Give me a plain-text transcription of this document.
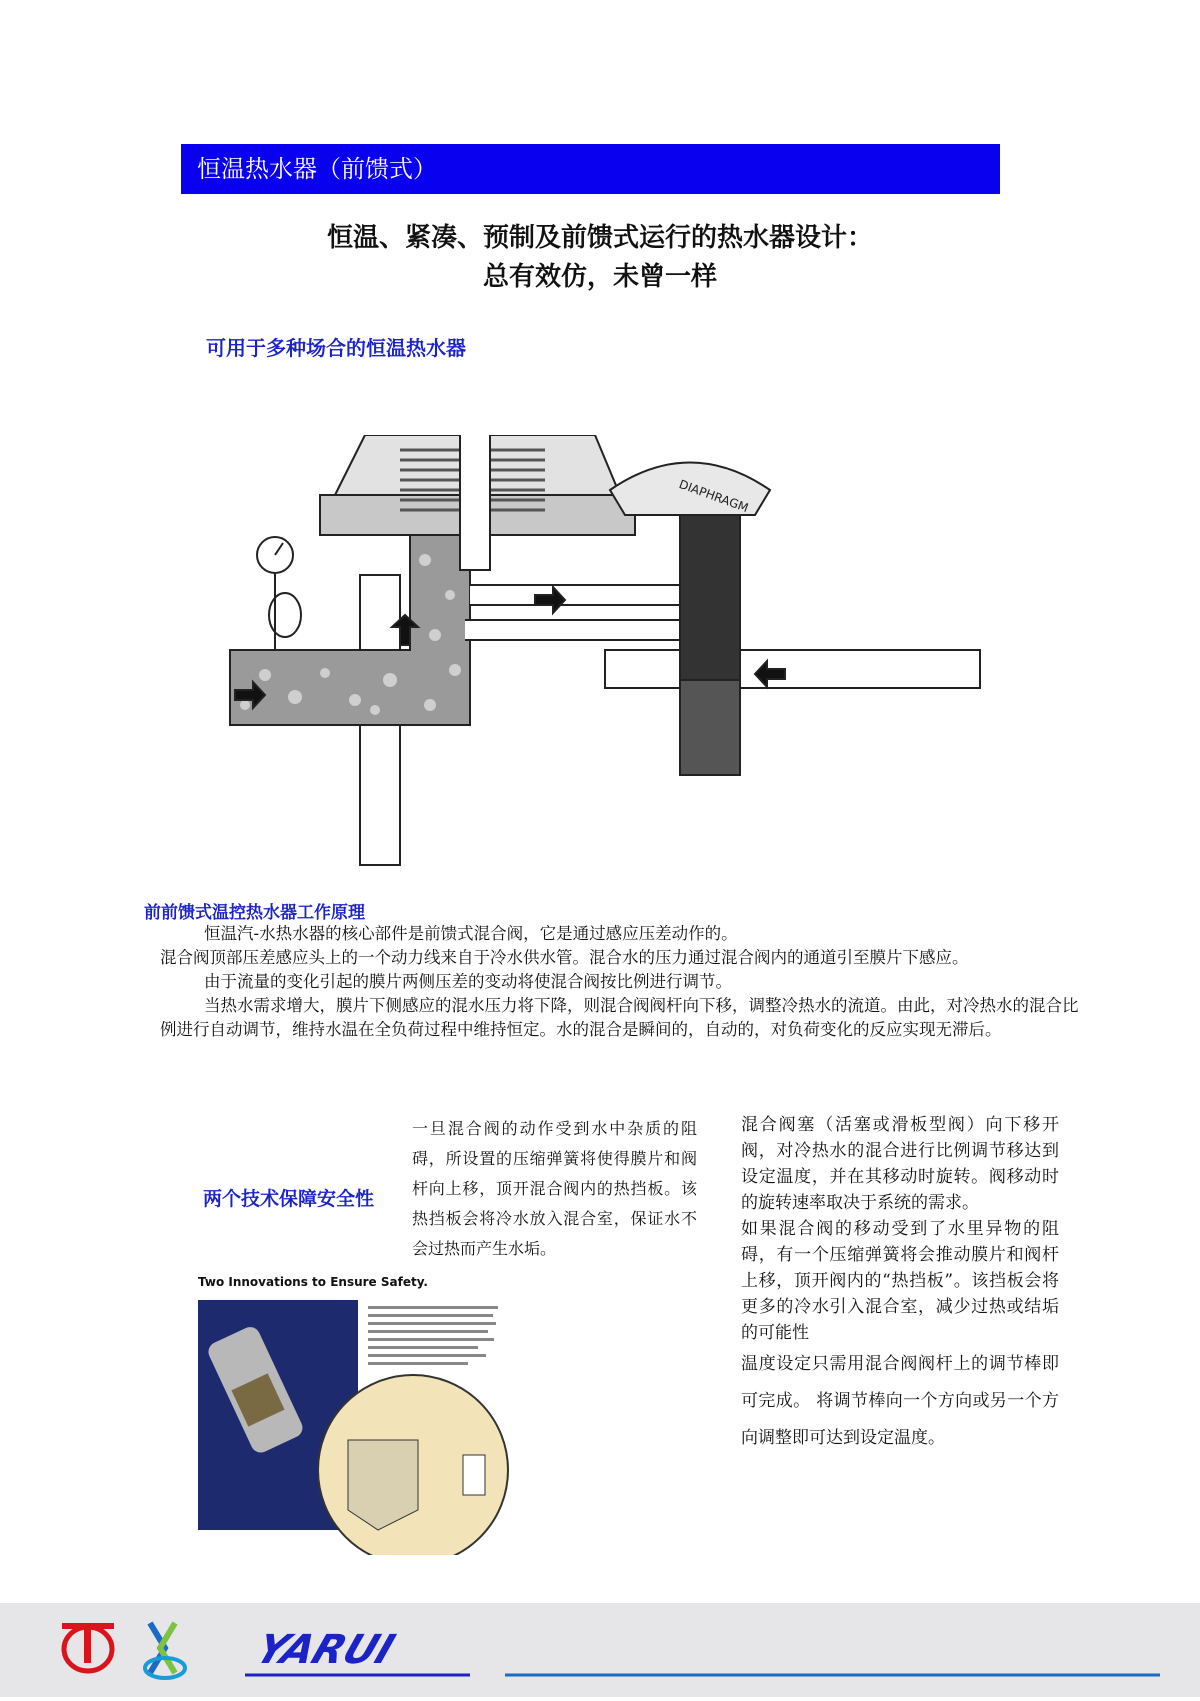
恒温热水器（前馈式）
恒温、紧凑、预制及前馈式运行的热水器设计：
总有效仿，未曾一样
可用于多种场合的恒温热水器
DIAPHRAGM
前前馈式温控热水器工作原理

恒温汽-水热水器的核心部件是前馈式混合阀，它是通过感应压差动作的。

混合阀顶部压差感应头上的一个动力线来自于冷水供水管。混合水的压力通过混合阀内的通道引至膜片下感应。

由于流量的变化引起的膜片两侧压差的变动将使混合阀按比例进行调节。

当热水需求增大，膜片下侧感应的混水压力将下降，则混合阀阀杆向下移，调整冷热水的流道。由此，对冷热水的混合比例进行自动调节，维持水温在全负荷过程中维持恒定。水的混合是瞬间的，自动的，对负荷变化的反应实现无滞后。

两个技术保障安全性
一旦混合阀的动作受到水中杂质的阻碍，所设置的压缩弹簧将使得膜片和阀杆向上移，顶开混合阀内的热挡板。该热挡板会将冷水放入混合室，保证水不会过热而产生水垢。

混合阀塞（活塞或滑板型阀）向下移开阀，对冷热水的混合进行比例调节移达到设定温度，并在其移动时旋转。阀移动时的旋转速率取决于系统的需求。

如果混合阀的移动受到了水里异物的阻碍，有一个压缩弹簧将会推动膜片和阀杆上移，顶开阀内的“热挡板”。该挡板会将更多的冷水引入混合室，减少过热或结垢的可能性

温度设定只需用混合阀阀杆上的调节棒即可完成。 将调节棒向一个方向或另一个方向调整即可达到设定温度。

Two Innovations to Ensure Safety.
YARUI
